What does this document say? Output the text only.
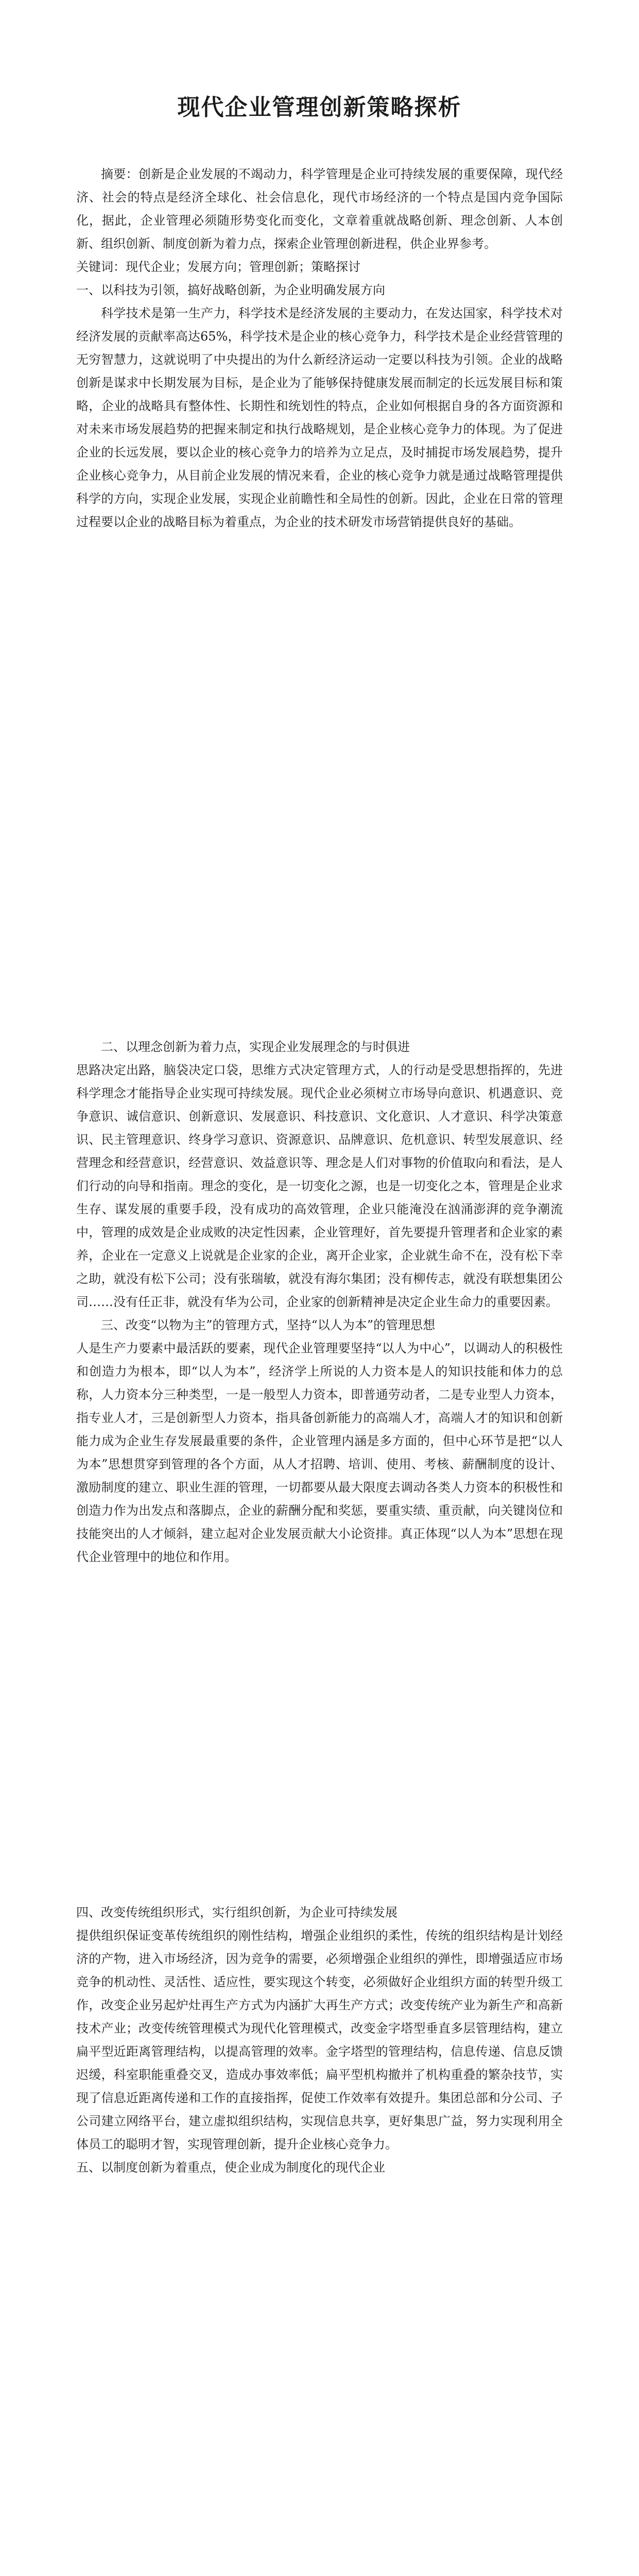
现代企业管理创新策略探析

摘要：创新是企业发展的不竭动力，科学管理是企业可持续发展的重要保障，现代经济、社会的特点是经济全球化、社会信息化，现代市场经济的一个特点是国内竞争国际化，据此，企业管理必须随形势变化而变化，文章着重就战略创新、理念创新、人本创新、组织创新、制度创新为着力点，探索企业管理创新进程，供企业界参考。

关键词：现代企业；发展方向；管理创新；策略探讨

一、以科技为引领，搞好战略创新，为企业明确发展方向

科学技术是第一生产力，科学技术是经济发展的主要动力，在发达国家，科学技术对经济发展的贡献率高达65%，科学技术是企业的核心竞争力，科学技术是企业经营管理的无穷智慧力，这就说明了中央提出的为什么新经济运动一定要以科技为引领。企业的战略创新是谋求中长期发展为目标，是企业为了能够保持健康发展而制定的长远发展目标和策略，企业的战略具有整体性、长期性和统划性的特点，企业如何根据自身的各方面资源和对未来市场发展趋势的把握来制定和执行战略规划，是企业核心竞争力的体现。为了促进企业的长远发展，要以企业的核心竞争力的培养为立足点，及时捕捉市场发展趋势，提升企业核心竞争力，从目前企业发展的情况来看，企业的核心竞争力就是通过战略管理提供科学的方向，实现企业发展，实现企业前瞻性和全局性的创新。因此，企业在日常的管理过程要以企业的战略目标为着重点，为企业的技术研发市场营销提供良好的基础。

二、以理念创新为着力点，实现企业发展理念的与时俱进

思路决定出路，脑袋决定口袋，思维方式决定管理方式，人的行动是受思想指挥的，先进科学理念才能指导企业实现可持续发展。现代企业必须树立市场导向意识、机遇意识、竞争意识、诚信意识、创新意识、发展意识、科技意识、文化意识、人才意识、科学决策意识、民主管理意识、终身学习意识、资源意识、品牌意识、危机意识、转型发展意识、经营理念和经营意识，经营意识、效益意识等、理念是人们对事物的价值取向和看法，是人们行动的向导和指南。理念的变化，是一切变化之源，也是一切变化之本，管理是企业求生存、谋发展的重要手段，没有成功的高效管理，企业只能淹没在汹涌澎湃的竞争潮流中，管理的成效是企业成败的决定性因素，企业管理好，首先要提升管理者和企业家的素养，企业在一定意义上说就是企业家的企业，离开企业家，企业就生命不在，没有松下幸之助，就没有松下公司；没有张瑞敏，就没有海尔集团；没有柳传志，就没有联想集团公司……没有任正非，就没有华为公司，企业家的创新精神是决定企业生命力的重要因素。

三、改变“以物为主”的管理方式，坚持“以人为本”的管理思想

人是生产力要素中最活跃的要素，现代企业管理要坚持“以人为中心”，以调动人的积极性和创造力为根本，即“以人为本”，经济学上所说的人力资本是人的知识技能和体力的总称，人力资本分三种类型，一是一般型人力资本，即普通劳动者，二是专业型人力资本，指专业人才，三是创新型人力资本，指具备创新能力的高端人才，高端人才的知识和创新能力成为企业生存发展最重要的条件，企业管理内涵是多方面的，但中心环节是把“以人为本”思想贯穿到管理的各个方面，从人才招聘、培训、使用、考核、薪酬制度的设计、激励制度的建立、职业生涯的管理，一切都要从最大限度去调动各类人力资本的积极性和创造力作为出发点和落脚点，企业的薪酬分配和奖惩，要重实绩、重贡献，向关键岗位和技能突出的人才倾斜，建立起对企业发展贡献大小论资排。真正体现“以人为本”思想在现代企业管理中的地位和作用。

四、改变传统组织形式，实行组织创新，为企业可持续发展

提供组织保证变革传统组织的刚性结构，增强企业组织的柔性，传统的组织结构是计划经济的产物，进入市场经济，因为竞争的需要，必须增强企业组织的弹性，即增强适应市场竞争的机动性、灵活性、适应性，要实现这个转变，必须做好企业组织方面的转型升级工作，改变企业另起炉灶再生产方式为内涵扩大再生产方式；改变传统产业为新生产和高新技术产业；改变传统管理模式为现代化管理模式，改变金字塔型垂直多层管理结构，建立扁平型近距离管理结构，以提高管理的效率。金字塔型的管理结构，信息传递、信息反馈迟缓，科室职能重叠交叉，造成办事效率低；扁平型机构撤并了机构重叠的繁杂技节，实现了信息近距离传递和工作的直接指挥，促使工作效率有效提升。集团总部和分公司、子公司建立网络平台，建立虚拟组织结构，实现信息共享，更好集思广益，努力实现利用全体员工的聪明才智，实现管理创新，提升企业核心竞争力。

五、以制度创新为着重点，使企业成为制度化的现代企业
